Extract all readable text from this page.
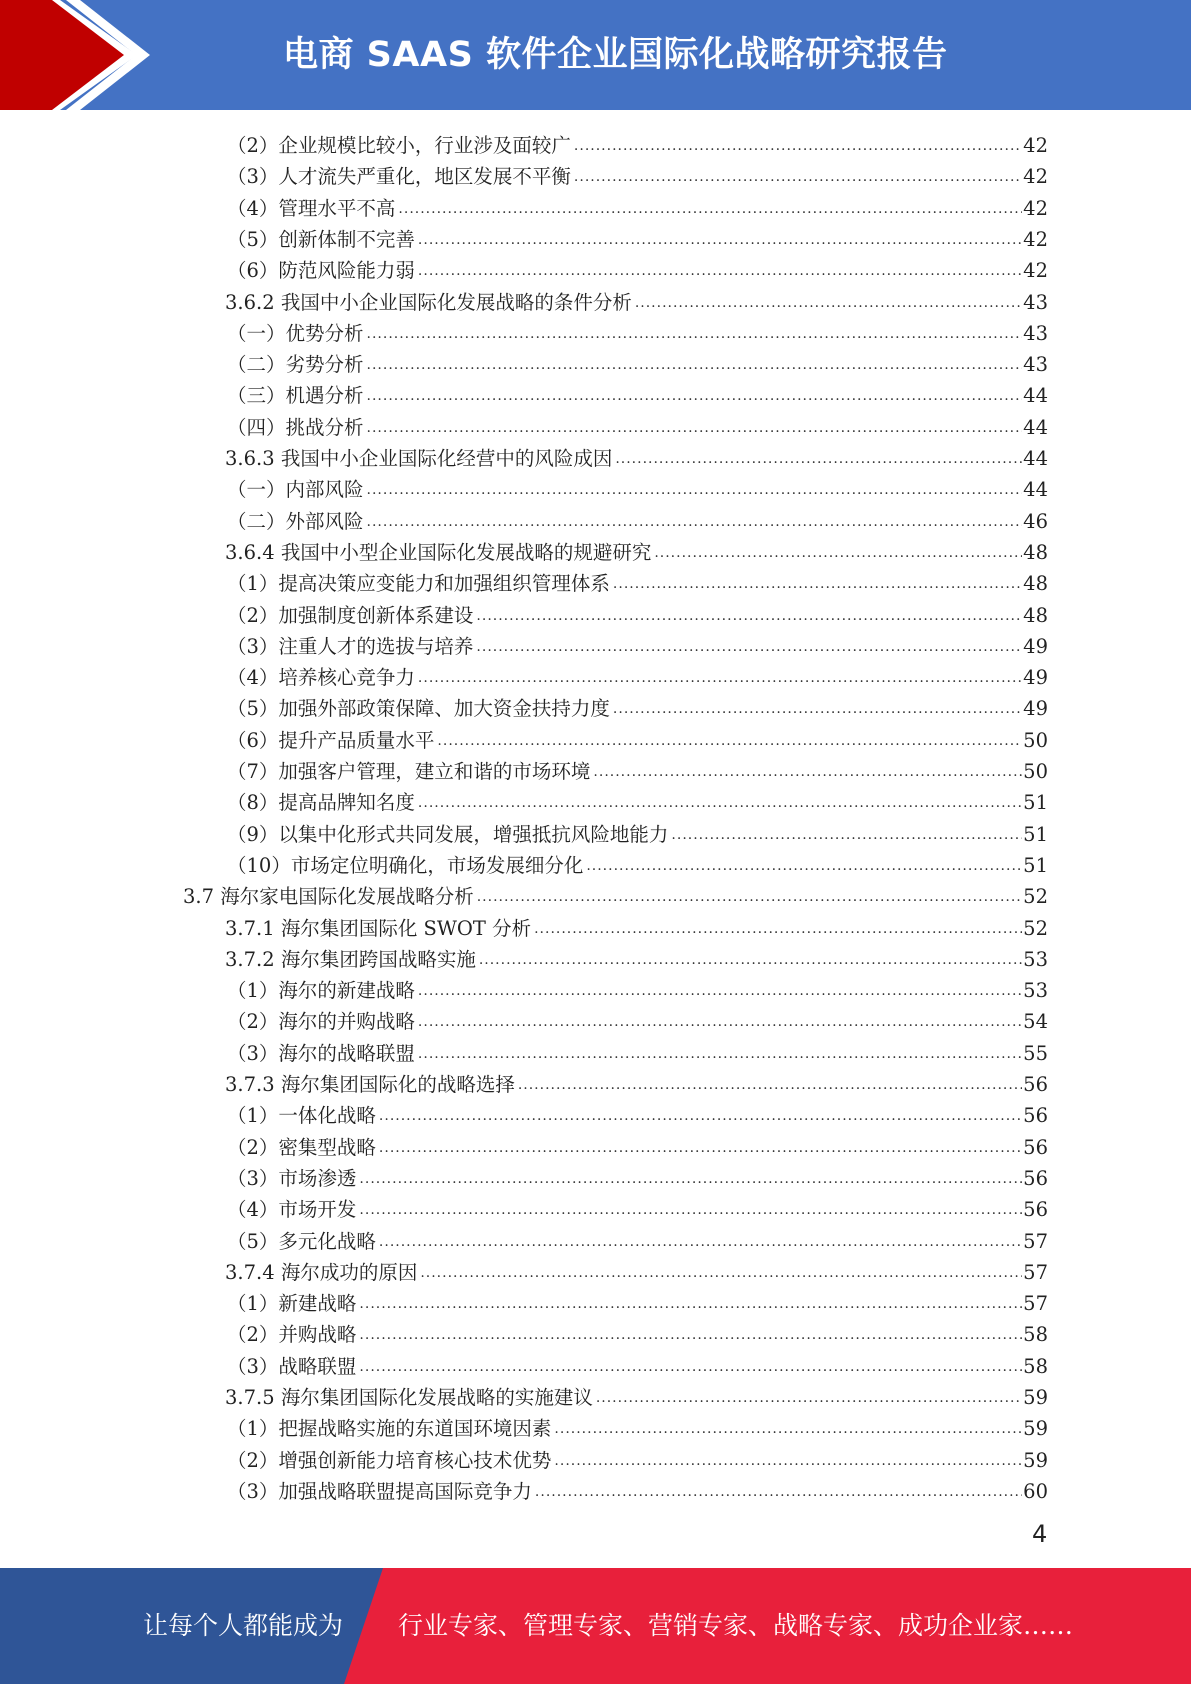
电商 SAAS 软件企业国际化战略研究报告
（2）企业规模比较小，行业涉及面较广 .....	42
（3）人才流失严重化，地区发展不平衡 .....	42
（4）管理水平不高 .....	42
（5）创新体制不完善 .....	42
（6）防范风险能力弱 .....	42
3.6.2 我国中小企业国际化发展战略的条件分析 .....	43
（一）优势分析 .....	43
（二）劣势分析 .....	43
（三）机遇分析 .....	44
（四）挑战分析 .....	44
3.6.3 我国中小企业国际化经营中的风险成因 .....	44
（一）内部风险 .....	44
（二）外部风险 .....	46
3.6.4 我国中小型企业国际化发展战略的规避研究 .....	48
（1）提高决策应变能力和加强组织管理体系 .....	48
（2）加强制度创新体系建设 .....	48
（3）注重人才的选拔与培养 .....	49
（4）培养核心竞争力 .....	49
（5）加强外部政策保障、加大资金扶持力度 .....	49
（6）提升产品质量水平 .....	50
（7）加强客户管理，建立和谐的市场环境 .....	50
（8）提高品牌知名度 .....	51
（9）以集中化形式共同发展，增强抵抗风险地能力 .....	51
（10）市场定位明确化，市场发展细分化 .....	51
3.7 海尔家电国际化发展战略分析 .....	52
3.7.1 海尔集团国际化 SWOT 分析 .....	52
3.7.2 海尔集团跨国战略实施 .....	53
（1）海尔的新建战略 .....	53
（2）海尔的并购战略 .....	54
（3）海尔的战略联盟 .....	55
3.7.3 海尔集团国际化的战略选择 .....	56
（1）一体化战略 .....	56
（2）密集型战略 .....	56
（3）市场渗透 .....	56
（4）市场开发 .....	56
（5）多元化战略 .....	57
3.7.4 海尔成功的原因 .....	57
（1）新建战略 .....	57
（2）并购战略 .....	58
（3）战略联盟 .....	58
3.7.5 海尔集团国际化发展战略的实施建议 .....	59
（1）把握战略实施的东道国环境因素 .....	59
（2）增强创新能力培育核心技术优势 .....	59
（3）加强战略联盟提高国际竞争力 .....	60
4
让每个人都能成为 行业专家、管理专家、营销专家、战略专家、成功企业家……
